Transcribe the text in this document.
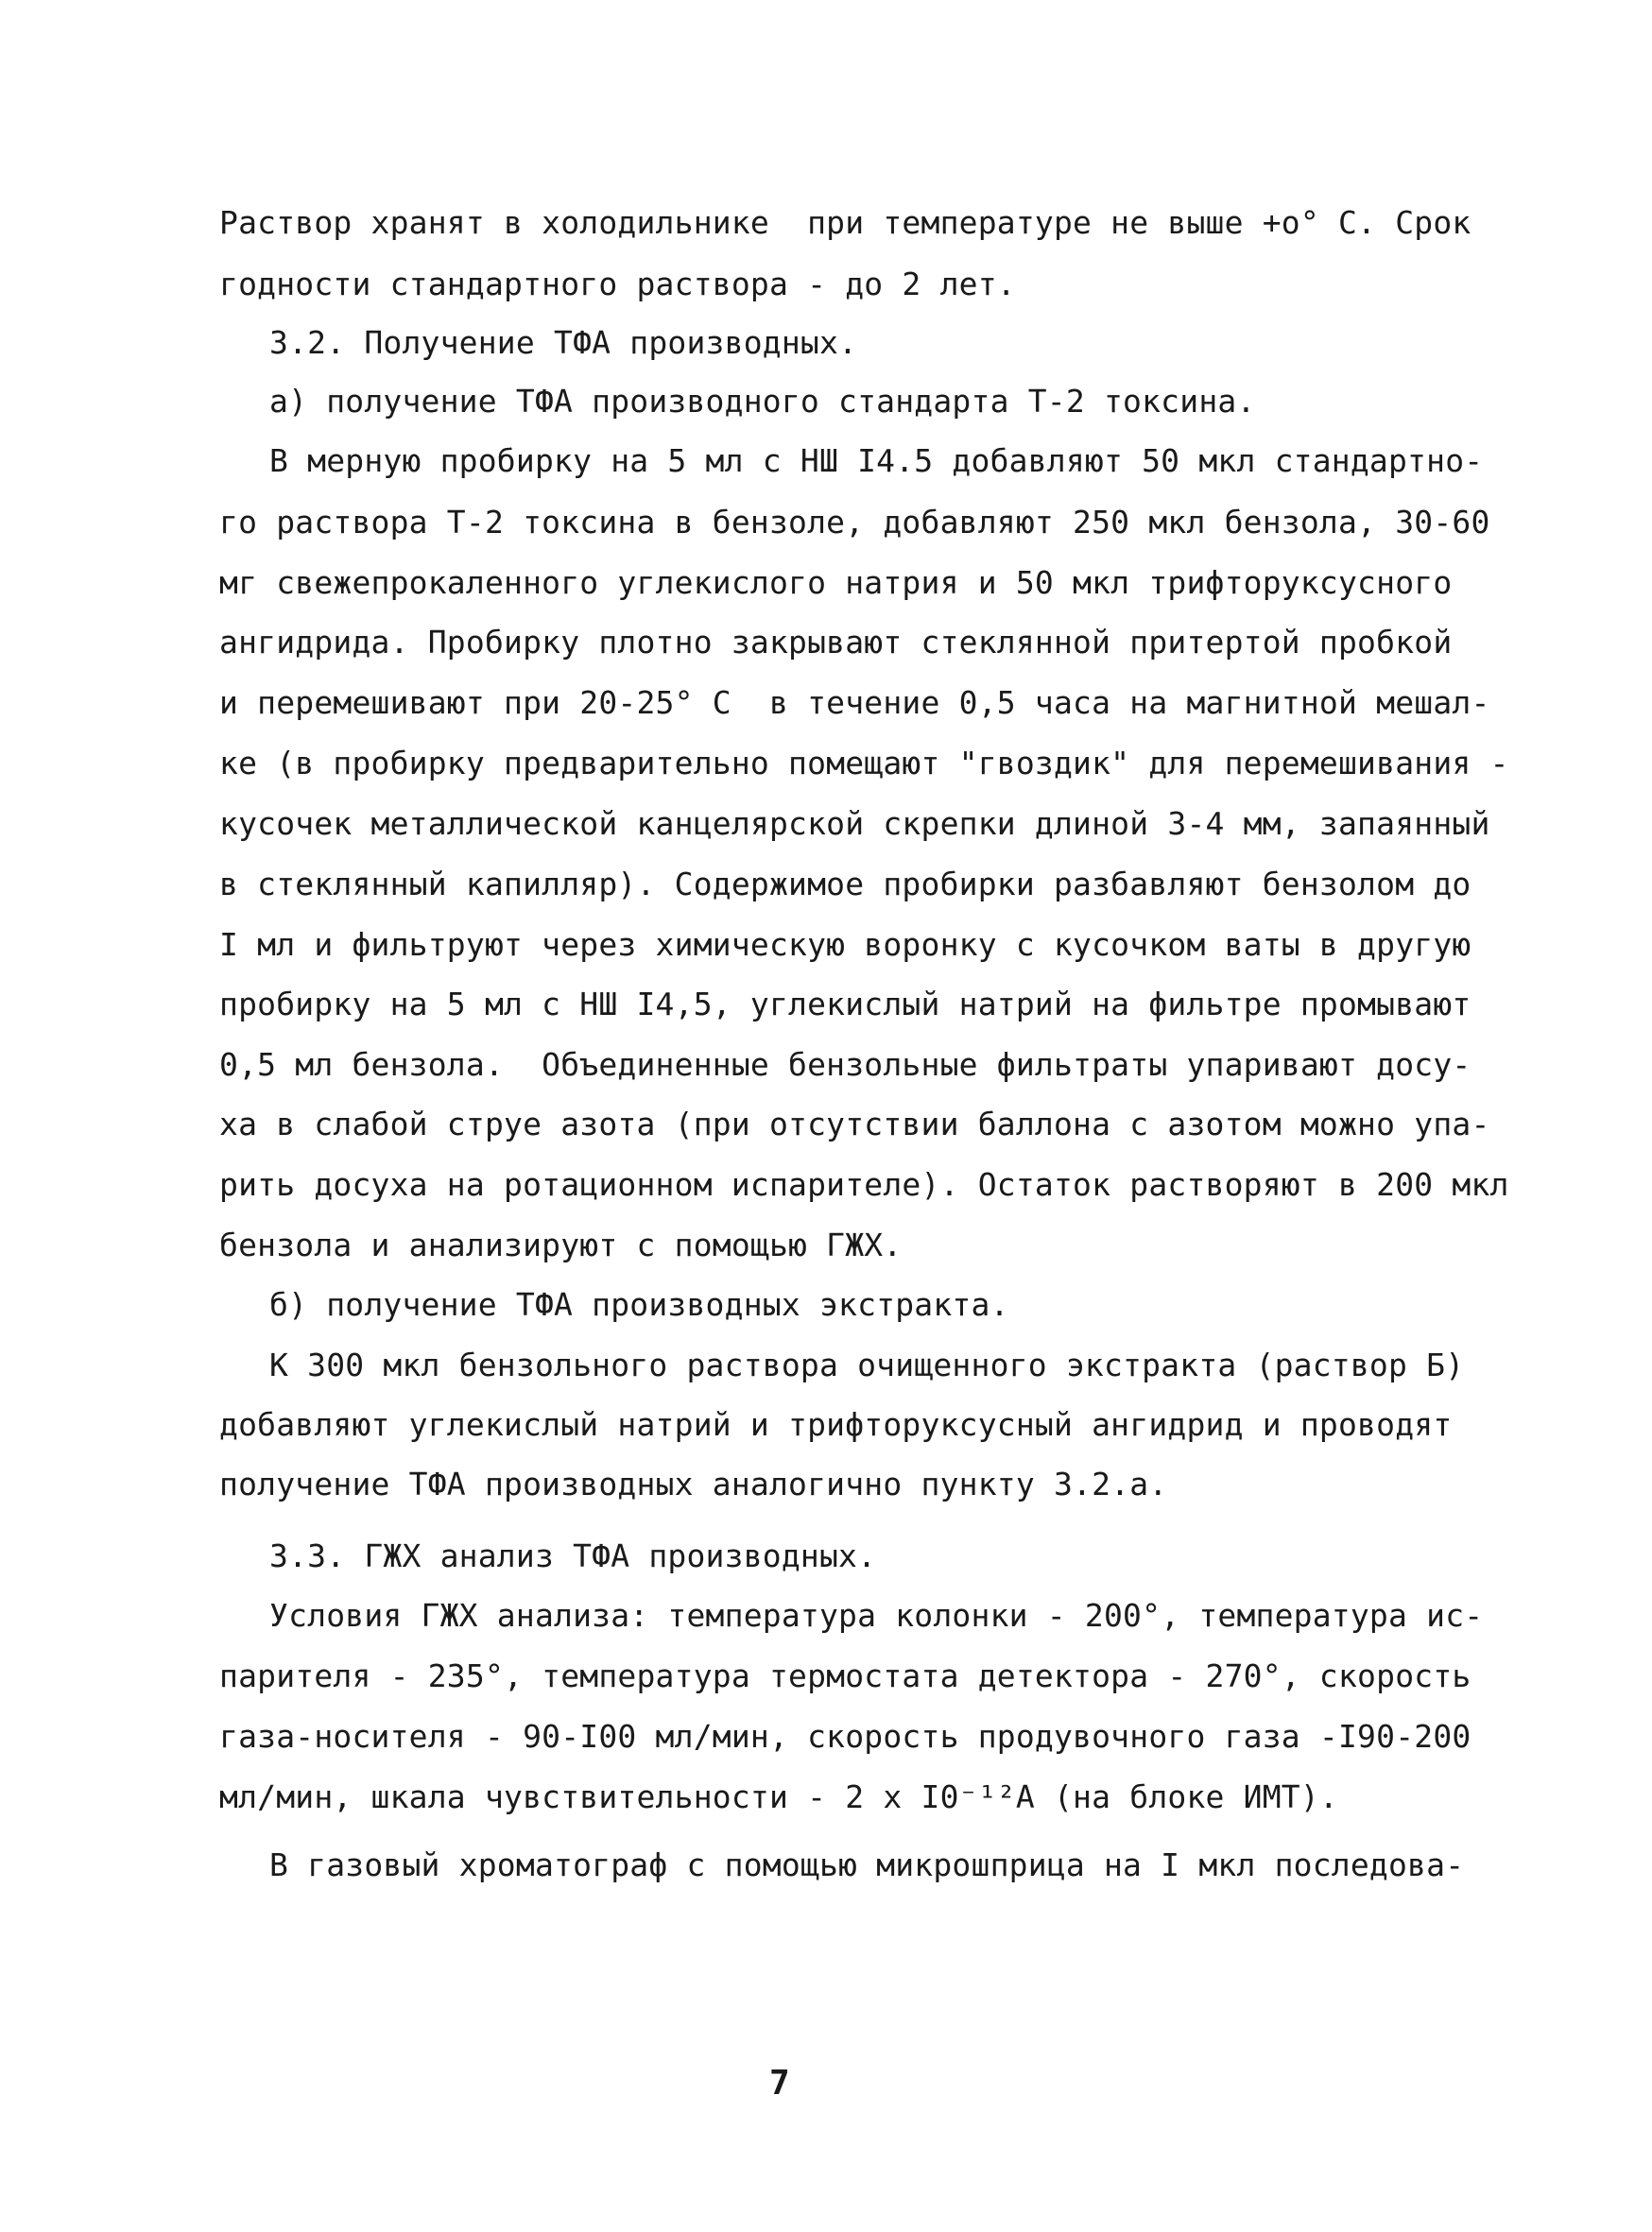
Раствор хранят в холодильнике  при температуре не выше +о° С. Срок
годности стандартного раствора - до 2 лет.
3.2. Получение ТФА производных.
а) получение ТФА производного стандарта Т-2 токсина.
В мерную пробирку на 5 мл с НШ I4.5 добавляют 50 мкл стандартно-
го раствора Т-2 токсина в бензоле, добавляют 250 мкл бензола, 30-60
мг свежепрокаленного углекислого натрия и 50 мкл трифторуксусного
ангидрида. Пробирку плотно закрывают стеклянной притертой пробкой
и перемешивают при 20-25° С  в течение 0,5 часа на магнитной мешал-
ке (в пробирку предварительно помещают "гвоздик" для перемешивания -
кусочек металлической канцелярской скрепки длиной 3-4 мм, запаянный
в стеклянный капилляр). Содержимое пробирки разбавляют бензолом до
I мл и фильтруют через химическую воронку с кусочком ваты в другую
пробирку на 5 мл с НШ I4,5, углекислый натрий на фильтре промывают
0,5 мл бензола.  Объединенные бензольные фильтраты упаривают досу-
ха в слабой струе азота (при отсутствии баллона с азотом можно упа-
рить досуха на ротационном испарителе). Остаток растворяют в 200 мкл
бензола и анализируют с помощью ГЖХ.
б) получение ТФА производных экстракта.
К 300 мкл бензольного раствора очищенного экстракта (раствор Б)
добавляют углекислый натрий и трифторуксусный ангидрид и проводят
получение ТФА производных аналогично пункту 3.2.а.
3.3. ГЖХ анализ ТФА производных.
Условия ГЖХ анализа: температура колонки - 200°, температура ис-
парителя - 235°, температура термостата детектора - 270°, скорость
газа-носителя - 90-I00 мл/мин, скорость продувочного газа -I90-200
мл/мин, шкала чувствительности - 2 х I0⁻¹²А (на блоке ИМТ).
В газовый хроматограф с помощью микрошприца на I мкл последова-
7
